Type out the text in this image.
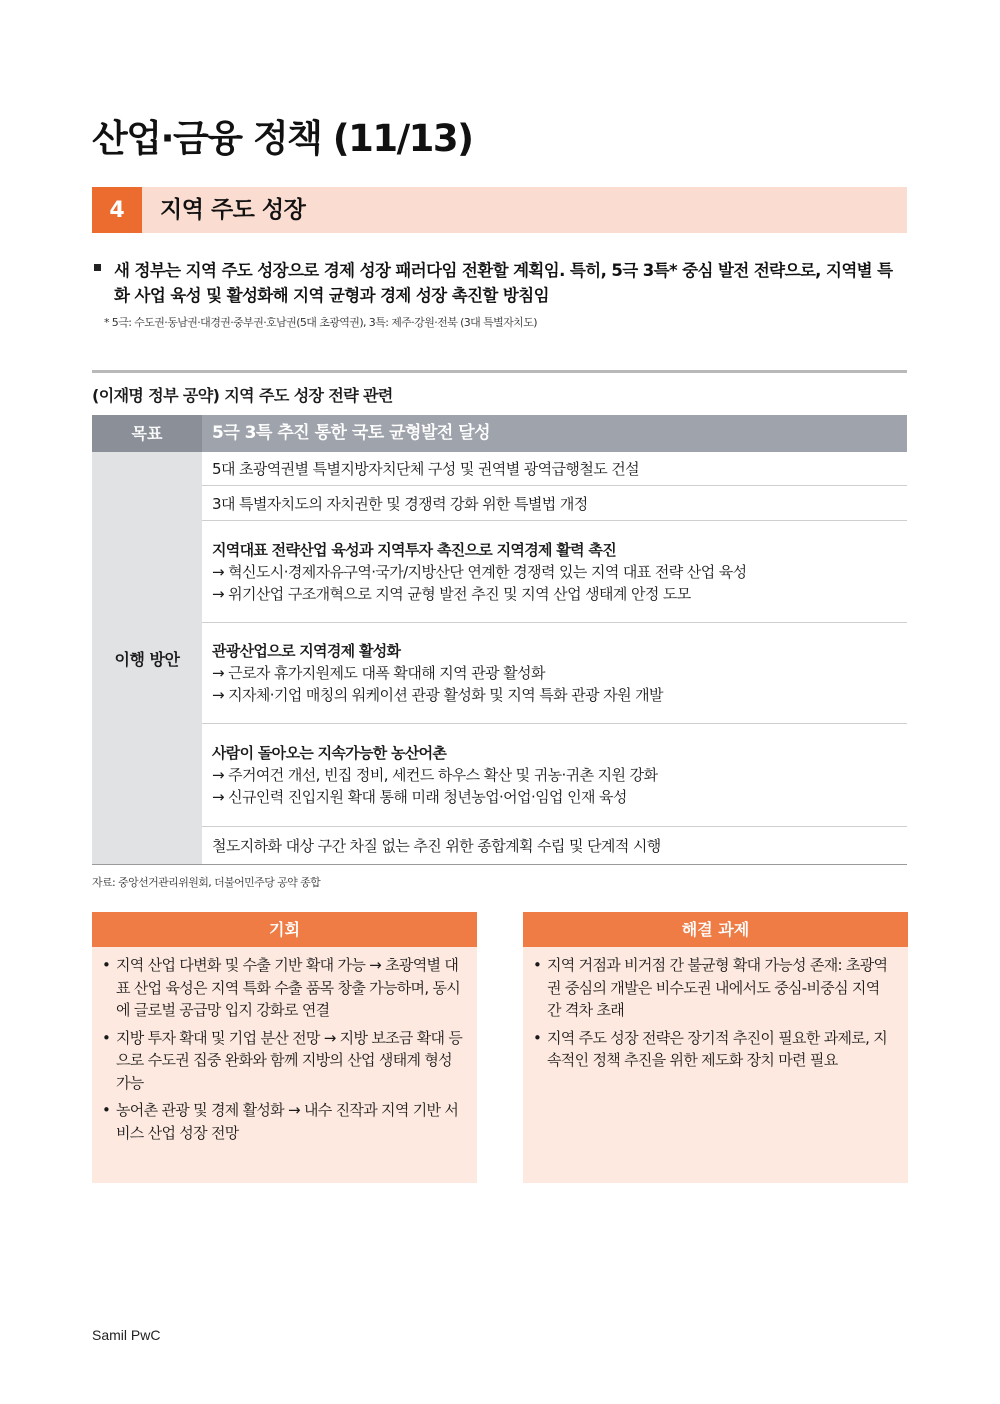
산업·금융 정책 (11/13)
4	지역 주도 성장
새 정부는 지역 주도 성장으로 경제 성장 패러다임 전환할 계획임. 특히, 5극 3특* 중심 발전 전략으로, 지역별 특화 사업 육성 및 활성화해 지역 균형과 경제 성장 촉진할 방침임
* 5극: 수도권·동남권·대경권·중부권·호남권(5대 초광역권), 3특: 제주·강원·전북 (3대 특별자치도)
(이재명 정부 공약) 지역 주도 성장 전략 관련
목표	5극 3특 추진 통한 국토 균형발전 달성
이행 방안
5대 초광역권별 특별지방자치단체 구성 및 권역별 광역급행철도 건설
3대 특별자치도의 자치권한 및 경쟁력 강화 위한 특별법 개정
지역대표 전략산업 육성과 지역투자 촉진으로 지역경제 활력 촉진
→ 혁신도시·경제자유구역·국가/지방산단 연계한 경쟁력 있는 지역 대표 전략 산업 육성
→ 위기산업 구조개혁으로 지역 균형 발전 추진 및 지역 산업 생태계 안정 도모
관광산업으로 지역경제 활성화
→ 근로자 휴가지원제도 대폭 확대해 지역 관광 활성화
→ 지자체·기업 매칭의 워케이션 관광 활성화 및 지역 특화 관광 자원 개발
사람이 돌아오는 지속가능한 농산어촌
→ 주거여건 개선, 빈집 정비, 세컨드 하우스 확산 및 귀농·귀촌 지원 강화
→ 신규인력 진입지원 확대 통해 미래 청년농업·어업·임업 인재 육성
철도지하화 대상 구간 차질 없는 추진 위한 종합계획 수립 및 단계적 시행
자료: 중앙선거관리위원회, 더불어민주당 공약 종합
기회
• 지역 산업 다변화 및 수출 기반 확대 가능 → 초광역별 대표 산업 육성은 지역 특화 수출 품목 창출 가능하며, 동시에 글로벌 공급망 입지 강화로 연결
• 지방 투자 확대 및 기업 분산 전망 → 지방 보조금 확대 등으로 수도권 집중 완화와 함께 지방의 산업 생태계 형성 가능
• 농어촌 관광 및 경제 활성화 → 내수 진작과 지역 기반 서비스 산업 성장 전망
해결 과제
• 지역 거점과 비거점 간 불균형 확대 가능성 존재: 초광역권 중심의 개발은 비수도권 내에서도 중심-비중심 지역 간 격차 초래
• 지역 주도 성장 전략은 장기적 추진이 필요한 과제로, 지속적인 정책 추진을 위한 제도화 장치 마련 필요
Samil PwC
